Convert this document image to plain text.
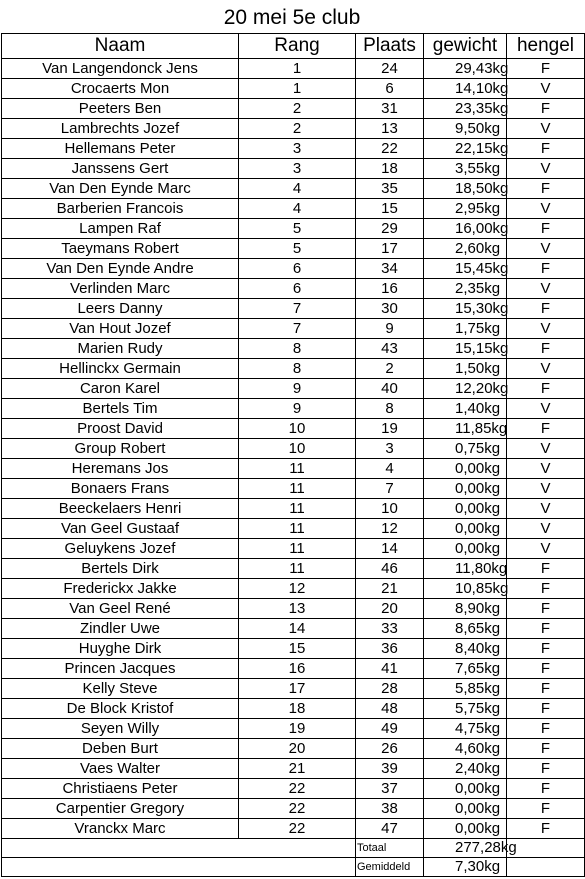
20 mei 5e club
Naam	Rang	Plaats	gewicht	hengel
Van Langendonck Jens	1	24	29,43kg	F
Crocaerts Mon	1	6	14,10kg	V
Peeters Ben	2	31	23,35kg	F
Lambrechts Jozef	2	13	9,50kg	V
Hellemans Peter	3	22	22,15kg	F
Janssens Gert	3	18	3,55kg	V
Van Den Eynde Marc	4	35	18,50kg	F
Barberien Francois	4	15	2,95kg	V
Lampen Raf	5	29	16,00kg	F
Taeymans Robert	5	17	2,60kg	V
Van Den Eynde Andre	6	34	15,45kg	F
Verlinden Marc	6	16	2,35kg	V
Leers Danny	7	30	15,30kg	F
Van Hout Jozef	7	9	1,75kg	V
Marien Rudy	8	43	15,15kg	F
Hellinckx Germain	8	2	1,50kg	V
Caron Karel	9	40	12,20kg	F
Bertels Tim	9	8	1,40kg	V
Proost David	10	19	11,85kg	F
Group Robert	10	3	0,75kg	V
Heremans Jos	11	4	0,00kg	V
Bonaers Frans	11	7	0,00kg	V
Beeckelaers Henri	11	10	0,00kg	V
Van Geel Gustaaf	11	12	0,00kg	V
Geluykens Jozef	11	14	0,00kg	V
Bertels Dirk	11	46	11,80kg	F
Frederickx Jakke	12	21	10,85kg	F
Van Geel René	13	20	8,90kg	F
Zindler Uwe	14	33	8,65kg	F
Huyghe Dirk	15	36	8,40kg	F
Princen Jacques	16	41	7,65kg	F
Kelly Steve	17	28	5,85kg	F
De Block Kristof	18	48	5,75kg	F
Seyen Willy	19	49	4,75kg	F
Deben Burt	20	26	4,60kg	F
Vaes Walter	21	39	2,40kg	F
Christiaens Peter	22	37	0,00kg	F
Carpentier Gregory	22	38	0,00kg	F
Vranckx Marc	22	47	0,00kg	F
		Totaal	277,28kg	
		Gemiddeld	7,30kg	
